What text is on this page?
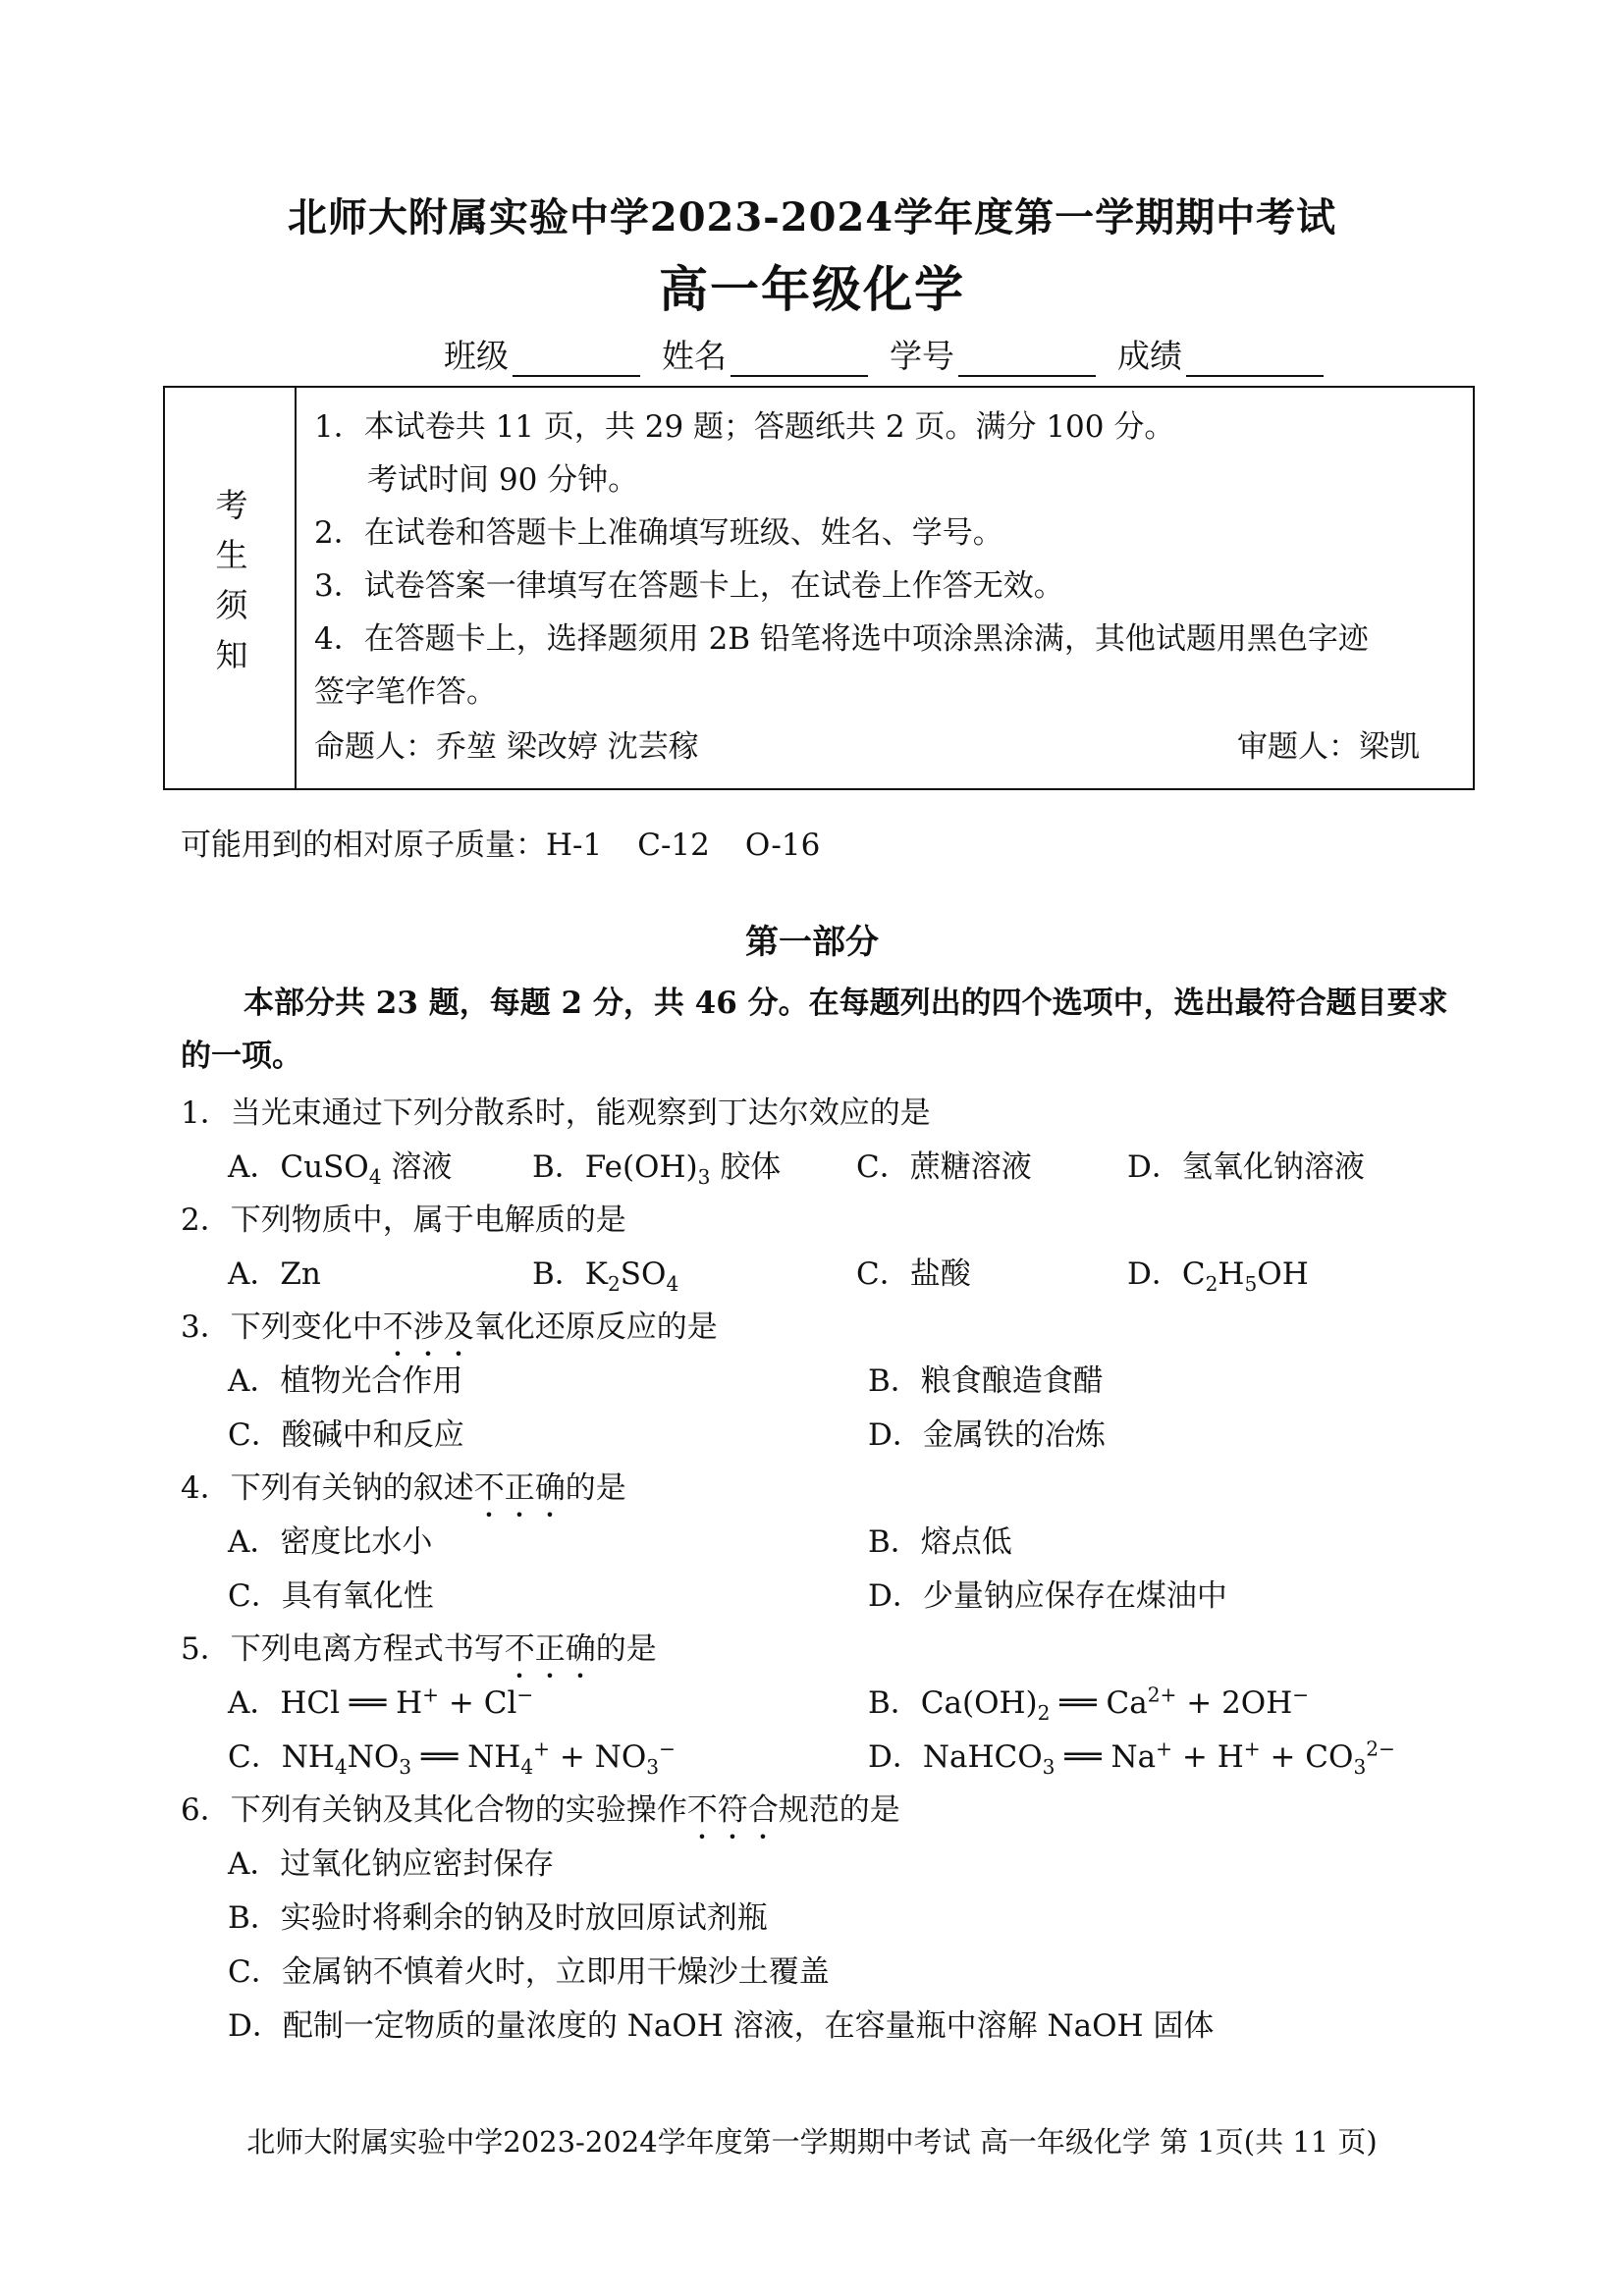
北师大附属实验中学2023-2024学年度第一学期期中考试
高一年级化学
班级	姓名	学号	成绩
考生须知
1．本试卷共 11 页，共 29 题；答题纸共 2 页。满分 100 分。
考试时间 90 分钟。
2．在试卷和答题卡上准确填写班级、姓名、学号。
3．试卷答案一律填写在答题卡上，在试卷上作答无效。
4．在答题卡上，选择题须用 2B 铅笔将选中项涂黑涂满，其他试题用黑色字迹
签字笔作答。
命题人：乔堃 梁改婷 沈芸稼	审题人：梁凯
可能用到的相对原子质量：H-1 C-12 O-16
第一部分
本部分共 23 题，每题 2 分，共 46 分。在每题列出的四个选项中，选出最符合题目要求的一项。
1．当光束通过下列分散系时，能观察到丁达尔效应的是
A．CuSO$_4$ 溶液	B．$Fe(OH)_3$ 胶体 C．蔗糖溶液	D．氢氧化钠溶液
2．下列物质中，属于电解质的是
A．Zn	B．$K_2SO_4$	C．盐酸	D．$C_2H_5OH$
3．下列变化中不涉及氧化还原反应的是
A．植物光合作用	B．粮食酿造食醋
C．酸碱中和反应	D．金属铁的冶炼
4．下列有关钠的叙述不正确的是
A．密度比水小	B．熔点低
C．具有氧化性	D．少量钠应保存在煤油中
5．下列电离方程式书写不正确的是
A．HCl ══ H+ + Cl−	B．$Ca(OH)_2$ ══ $Ca^{2+} + 2OH^-$
C．$NH_4NO_3$ ══ $NH_4^+ + NO_3^-$	D．NaHCO$_3$ ══ $Na^+ + H^+ + CO_3^{2-}$
6．下列有关钠及其化合物的实验操作不符合规范的是
A．过氧化钠应密封保存
B．实验时将剩余的钠及时放回原试剂瓶
C．金属钠不慎着火时，立即用干燥沙土覆盖
D．配制一定物质的量浓度的 NaOH 溶液，在容量瓶中溶解 NaOH 固体
北师大附属实验中学2023-2024学年度第一学期期中考试 高一年级化学 第 1页(共 11 页)
